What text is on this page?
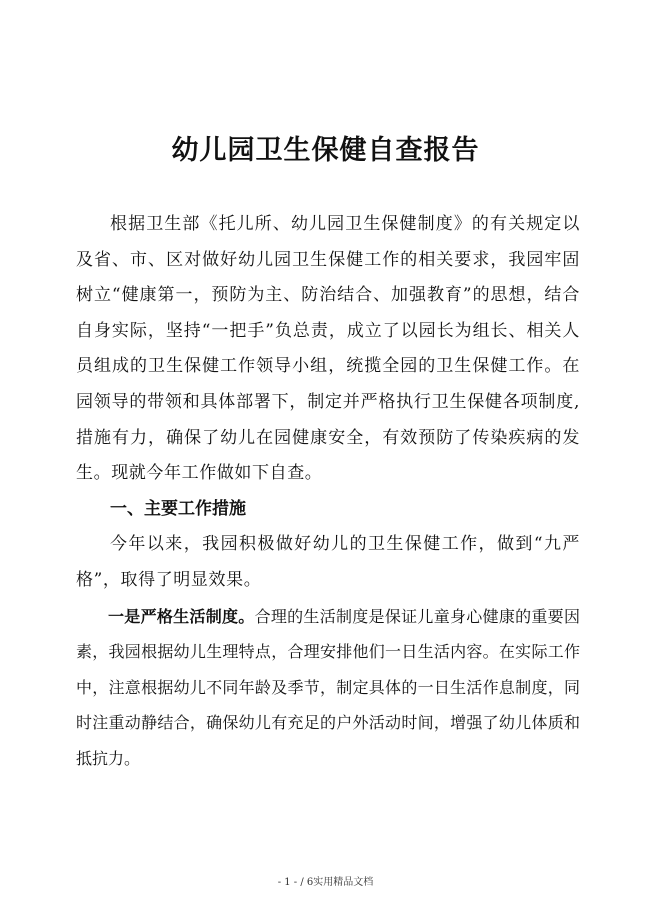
幼儿园卫生保健自查报告

根据卫生部《托儿所、幼儿园卫生保健制度》的有关规定以及省、市、区对做好幼儿园卫生保健工作的相关要求，我园牢固树立“健康第一，预防为主、防治结合、加强教育”的思想，结合自身实际，坚持“一把手”负总责，成立了以园长为组长、相关人员组成的卫生保健工作领导小组，统揽全园的卫生保健工作。在园领导的带领和具体部署下，制定并严格执行卫生保健各项制度,措施有力，确保了幼儿在园健康安全，有效预防了传染疾病的发生。现就今年工作做如下自查。

一、主要工作措施

今年以来，我园积极做好幼儿的卫生保健工作，做到“九严格”，取得了明显效果。

一是严格生活制度。合理的生活制度是保证儿童身心健康的重要因素，我园根据幼儿生理特点，合理安排他们一日生活内容。在实际工作中，注意根据幼儿不同年龄及季节，制定具体的一日生活作息制度，同时注重动静结合，确保幼儿有充足的户外活动时间，增强了幼儿体质和抵抗力。

- 1 - / 6实用精品文档
